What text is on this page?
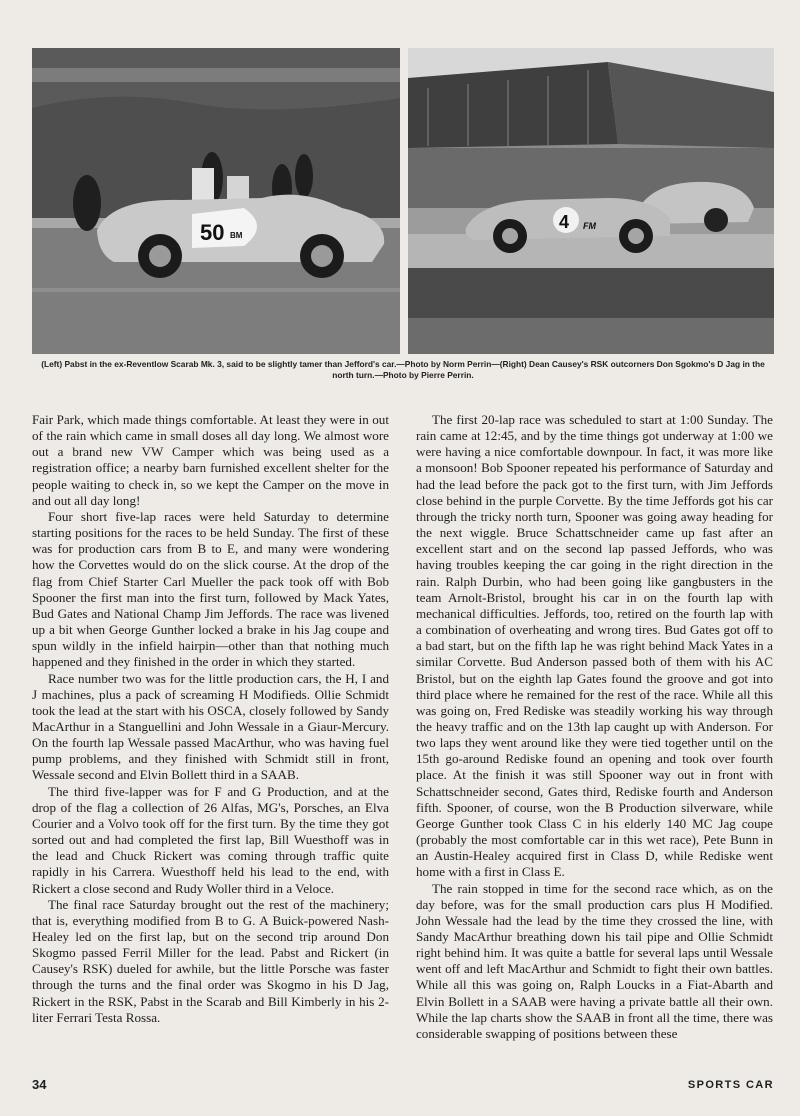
50 BM
4 FM
(Left) Pabst in the ex-Reventlow Scarab Mk. 3, said to be slightly tamer than Jefford's car.—Photo by Norm Perrin—(Right) Dean Causey's RSK outcorners Don Sgokmo's D Jag in the north turn.—Photo by Pierre Perrin.

Fair Park, which made things comfortable. At least they were in out of the rain which came in small doses all day long. We almost wore out a brand new VW Camper which was being used as a registration office; a nearby barn furnished excellent shelter for the people waiting to check in, so we kept the Camper on the move in and out all day long!

Four short five-lap races were held Saturday to determine starting positions for the races to be held Sunday. The first of these was for production cars from B to E, and many were wondering how the Corvettes would do on the slick course. At the drop of the flag from Chief Starter Carl Mueller the pack took off with Bob Spooner the first man into the first turn, followed by Mack Yates, Bud Gates and National Champ Jim Jeffords. The race was livened up a bit when George Gunther locked a brake in his Jag coupe and spun wildly in the infield hairpin—other than that nothing much happened and they finished in the order in which they started.

Race number two was for the little production cars, the H, I and J machines, plus a pack of screaming H Modifieds. Ollie Schmidt took the lead at the start with his OSCA, closely followed by Sandy MacArthur in a Stanguellini and John Wessale in a Giaur-Mercury. On the fourth lap Wessale passed MacArthur, who was having fuel pump problems, and they finished with Schmidt still in front, Wessale second and Elvin Bollett third in a SAAB.

The third five-lapper was for F and G Production, and at the drop of the flag a collection of 26 Alfas, MG's, Porsches, an Elva Courier and a Volvo took off for the first turn. By the time they got sorted out and had completed the first lap, Bill Wuesthoff was in the lead and Chuck Rickert was coming through traffic quite rapidly in his Carrera. Wuesthoff held his lead to the end, with Rickert a close second and Rudy Woller third in a Veloce.

The final race Saturday brought out the rest of the machinery; that is, everything modified from B to G. A Buick-powered Nash-Healey led on the first lap, but on the second trip around Don Skogmo passed Ferril Miller for the lead. Pabst and Rickert (in Causey's RSK) dueled for awhile, but the little Porsche was faster through the turns and the final order was Skogmo in his D Jag, Rickert in the RSK, Pabst in the Scarab and Bill Kimberly in his 2-liter Ferrari Testa Rossa.

The first 20-lap race was scheduled to start at 1:00 Sunday. The rain came at 12:45, and by the time things got underway at 1:00 we were having a nice comfortable downpour. In fact, it was more like a monsoon! Bob Spooner repeated his performance of Saturday and had the lead before the pack got to the first turn, with Jim Jeffords close behind in the purple Corvette. By the time Jeffords got his car through the tricky north turn, Spooner was going away heading for the next wiggle. Bruce Schattschneider came up fast after an excellent start and on the second lap passed Jeffords, who was having troubles keeping the car going in the right direction in the rain. Ralph Durbin, who had been going like gangbusters in the team Arnolt-Bristol, brought his car in on the fourth lap with mechanical difficulties. Jeffords, too, retired on the fourth lap with a combination of overheating and wrong tires. Bud Gates got off to a bad start, but on the fifth lap he was right behind Mack Yates in a similar Corvette. Bud Anderson passed both of them with his AC Bristol, but on the eighth lap Gates found the groove and got into third place where he remained for the rest of the race. While all this was going on, Fred Rediske was steadily working his way through the heavy traffic and on the 13th lap caught up with Anderson. For two laps they went around like they were tied together until on the 15th go-around Rediske found an opening and took over fourth place. At the finish it was still Spooner way out in front with Schattschneider second, Gates third, Rediske fourth and Anderson fifth. Spooner, of course, won the B Production silverware, while George Gunther took Class C in his elderly 140 MC Jag coupe (probably the most comfortable car in this wet race), Pete Bunn in an Austin-Healey acquired first in Class D, while Rediske went home with a first in Class E.

The rain stopped in time for the second race which, as on the day before, was for the small production cars plus H Modified. John Wessale had the lead by the time they crossed the line, with Sandy MacArthur breathing down his tail pipe and Ollie Schmidt right behind him. It was quite a battle for several laps until Wessale went off and left MacArthur and Schmidt to fight their own battles. While all this was going on, Ralph Loucks in a Fiat-Abarth and Elvin Bollett in a SAAB were having a private battle all their own. While the lap charts show the SAAB in front all the time, there was considerable swapping of positions between these

34	SPORTS CAR
